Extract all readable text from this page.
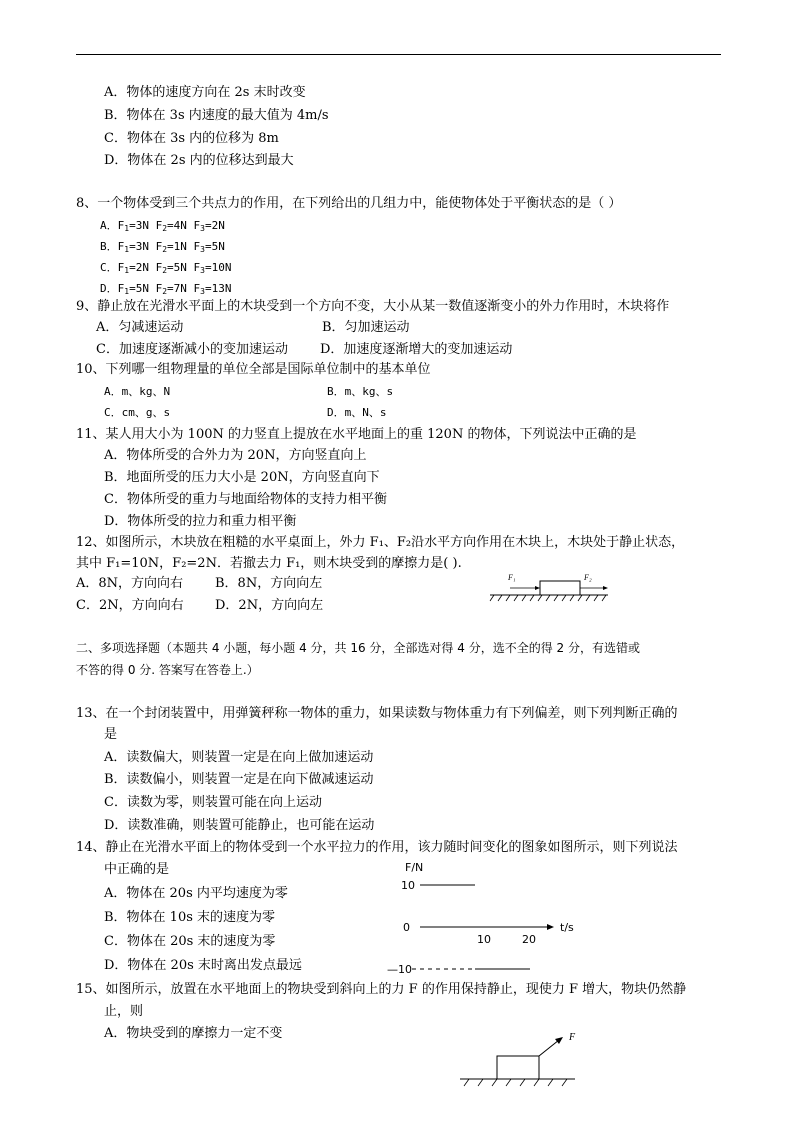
A．物体的速度方向在 2s 末时改变
B．物体在 3s 内速度的最大值为 4m/s
C．物体在 3s 内的位移为 8m
D．物体在 2s 内的位移达到最大
8、一个物体受到三个共点力的作用，在下列给出的几组力中，能使物体处于平衡状态的是（ ）
A．$F_1=3N$ $F_2=4N$ $F_3=2N$
B．$F_1=3N$ $F_2=1N$ $F_3=5N$
C．$F_1=2N$ $F_2=5N$ $F_3=10N$
D．$F_1=5N$ $F_2=7N$ $F_3=13N$
9、静止放在光滑水平面上的木块受到一个方向不变，大小从某一数值逐渐变小的外力作用时，木块将作
A．匀减速运动	B．匀加速运动
C．加速度逐渐减小的变加速运动 D．加速度逐渐增大的变加速运动
10、下列哪一组物理量的单位全部是国际单位制中的基本单位
A．m、kg、N	B．m、kg、s
C．cm、g、s	D．m、N、s
11、某人用大小为 100N 的力竖直上提放在水平地面上的重 120N 的物体，下列说法中正确的是
A．物体所受的合外力为 20N，方向竖直向上
B．地面所受的压力大小是 20N，方向竖直向下
C．物体所受的重力与地面给物体的支持力相平衡
D．物体所受的拉力和重力相平衡
12、如图所示，木块放在粗糙的水平桌面上，外力 F₁、F₂沿水平方向作用在木块上，木块处于静止状态，
其中 F₁=10N，F₂=2N．若撤去力 F₁，则木块受到的摩擦力是( ).
A．8N，方向向右 B．8N，方向向左
C．2N，方向向右 D．2N，方向向左
F₁	F₂
二、多项选择题（本题共 4 小题，每小题 4 分，共 16 分，全部选对得 4 分，选不全的得 2 分，有选错或
不答的得 0 分. 答案写在答卷上.）
13、在一个封闭装置中，用弹簧秤称一物体的重力，如果读数与物体重力有下列偏差，则下列判断正确的
是
A．读数偏大，则装置一定是在向上做加速运动
B．读数偏小，则装置一定是在向下做减速运动
C．读数为零，则装置可能在向上运动
D．读数准确，则装置可能静止，也可能在运动
14、静止在光滑水平面上的物体受到一个水平拉力的作用，该力随时间变化的图象如图所示，则下列说法
中正确的是
A．物体在 20s 内平均速度为零
B．物体在 10s 末的速度为零
C．物体在 20s 末的速度为零
D．物体在 20s 末时离出发点最远
F/N
t/s
0
10	20
10
—10
15、如图所示，放置在水平地面上的物块受到斜向上的力 F 的作用保持静止，现使力 F 增大，物块仍然静
止，则
A．物块受到的摩擦力一定不变	F
